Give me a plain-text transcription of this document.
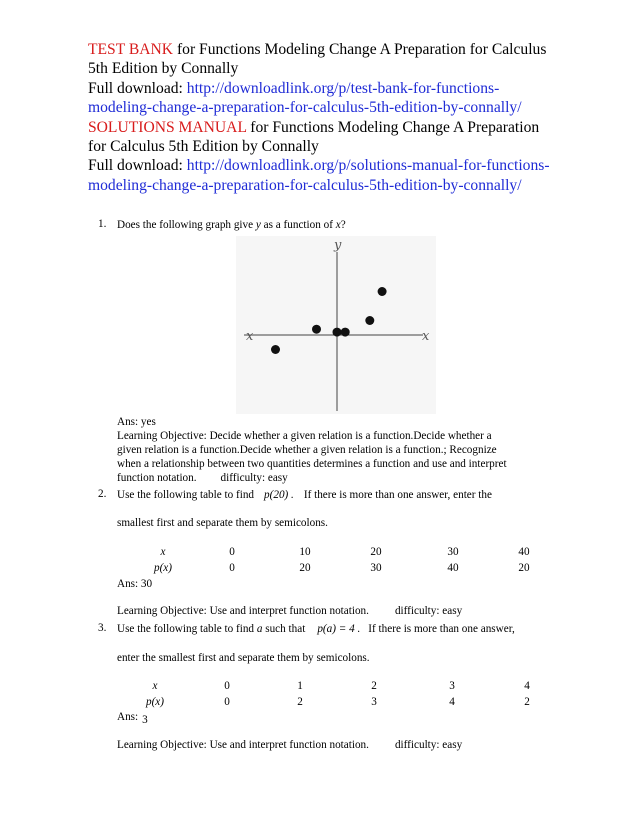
TEST BANK for Functions Modeling Change A Preparation for Calculus
5th Edition by Connally
Full download: http://downloadlink.org/p/test-bank-for-functions-
modeling-change-a-preparation-for-calculus-5th-edition-by-connally/
SOLUTIONS MANUAL for Functions Modeling Change A Preparation
for Calculus 5th Edition by Connally
Full download: http://downloadlink.org/p/solutions-manual-for-functions-
modeling-change-a-preparation-for-calculus-5th-edition-by-connally/
1. Does the following graph give y as a function of x?
x	x
y
Ans: yes
Learning Objective: Decide whether a given relation is a function.Decide whether a
given relation is a function.Decide whether a given relation is a function.; Recognize
when a relationship between two quantities determines a function and use and interpret
function notation. difficulty: easy
2. Use the following table to find p(20) . If there is more than one answer, enter the
smallest first and separate them by semicolons.
x	0	10	20	30	40
p(x)	0	20	30	40	20
Ans: 30
Learning Objective: Use and interpret function notation. difficulty: easy
3. Use the following table to find a such that p(a) = 4 . If there is more than one answer,
enter the smallest first and separate them by semicolons.
x	0	1	2	3	4
p(x)	0	2	3	4	2
Ans: 3
Learning Objective: Use and interpret function notation. difficulty: easy
